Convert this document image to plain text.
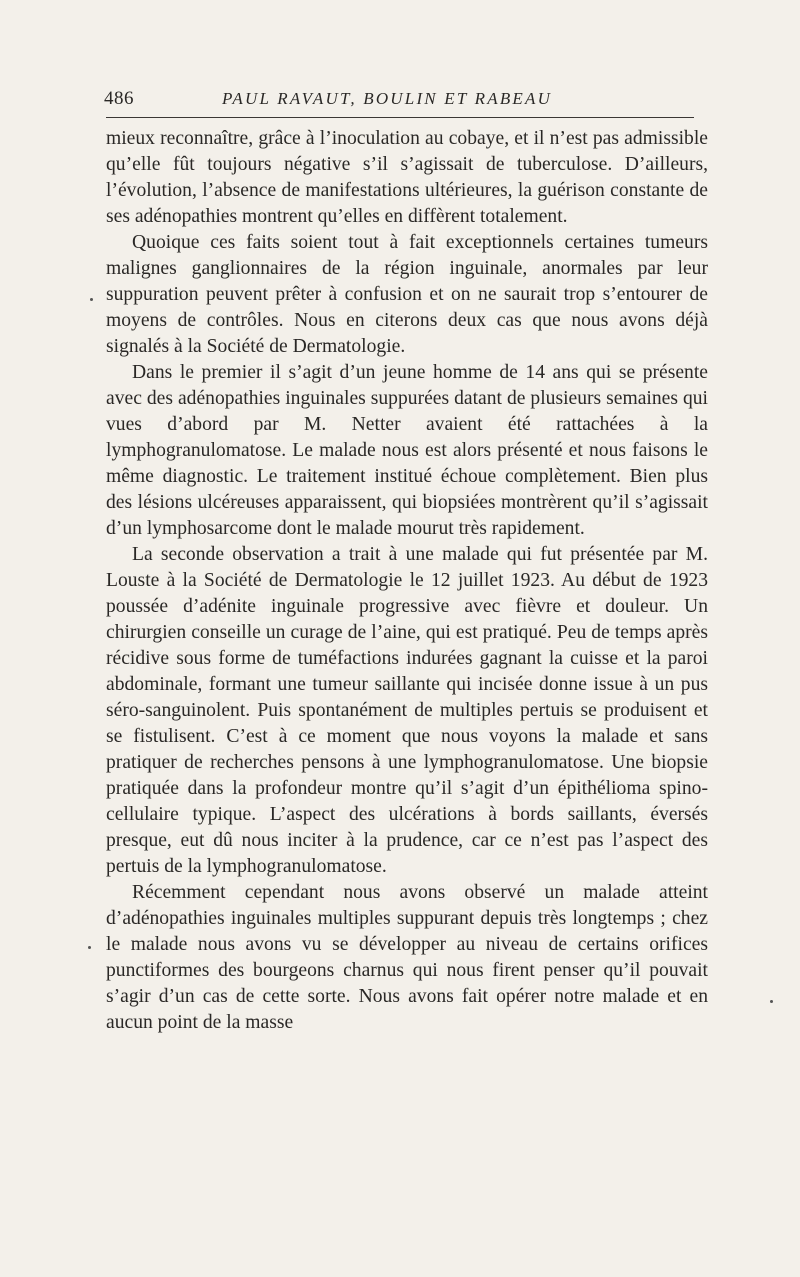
486	PAUL RAVAUT, BOULIN ET RABEAU

mieux reconnaître, grâce à l’inoculation au cobaye, et il n’est pas admissible qu’elle fût toujours négative s’il s’agissait de tuberculose. D’ailleurs, l’évolution, l’absence de manifestations ultérieures, la guérison constante de ses adénopathies montrent qu’elles en diffèrent totalement.

Quoique ces faits soient tout à fait exceptionnels certaines tumeurs malignes ganglionnaires de la région inguinale, anormales par leur suppuration peuvent prêter à confusion et on ne saurait trop s’entourer de moyens de contrôles. Nous en citerons deux cas que nous avons déjà signalés à la Société de Dermatologie.

Dans le premier il s’agit d’un jeune homme de 14 ans qui se présente avec des adénopathies inguinales suppurées datant de plusieurs semaines qui vues d’abord par M. Netter avaient été rattachées à la lymphogranulomatose. Le malade nous est alors présenté et nous faisons le même diagnostic. Le traitement institué échoue complètement. Bien plus des lésions ulcéreuses apparaissent, qui biopsiées montrèrent qu’il s’agissait d’un lymphosarcome dont le malade mourut très rapidement.

La seconde observation a trait à une malade qui fut présentée par M. Louste à la Société de Dermatologie le 12 juillet 1923. Au début de 1923 poussée d’adénite inguinale progressive avec fièvre et douleur. Un chirurgien conseille un curage de l’aine, qui est pratiqué. Peu de temps après récidive sous forme de tuméfactions indurées gagnant la cuisse et la paroi abdominale, formant une tumeur saillante qui incisée donne issue à un pus séro-sanguinolent. Puis spontanément de multiples pertuis se produisent et se fistulisent. C’est à ce moment que nous voyons la malade et sans pratiquer de recherches pensons à une lymphogranulomatose. Une biopsie pratiquée dans la profondeur montre qu’il s’agit d’un épithélioma spino-cellulaire typique. L’aspect des ulcérations à bords saillants, éversés presque, eut dû nous inciter à la prudence, car ce n’est pas l’aspect des pertuis de la lymphogranulomatose.

Récemment cependant nous avons observé un malade atteint d’adénopathies inguinales multiples suppurant depuis très longtemps ; chez le malade nous avons vu se développer au niveau de certains orifices punctiformes des bourgeons charnus qui nous firent penser qu’il pouvait s’agir d’un cas de cette sorte. Nous avons fait opérer notre malade et en aucun point de la masse
